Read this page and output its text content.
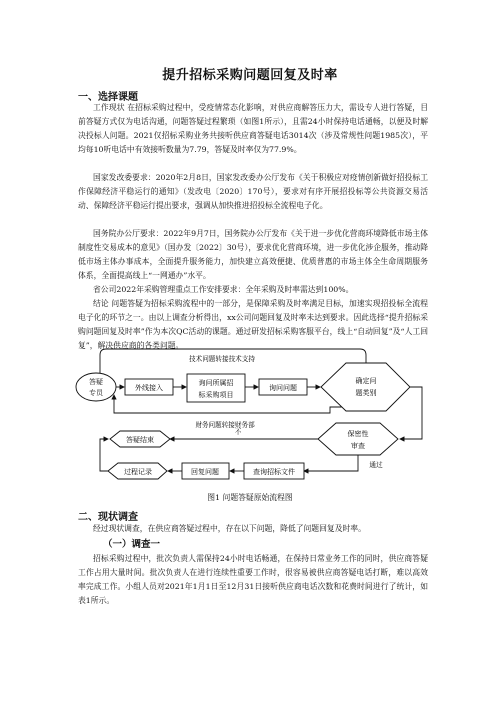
提升招标采购问题回复及时率
一、选择课题

工作现状 在招标采购过程中，受疫情常态化影响，对供应商解答压力大，需设专人进行答疑，目前答疑方式仅为电话沟通，问题答疑过程繁琐（如图1所示），且需24小时保持电话通畅，以便及时解决投标人问题。2021仅招标采购业务共接听供应商答疑电话3014次（涉及常规性问题1985次），平均每10听电话中有效接听数量为7.79，答疑及时率仅为77.9%。

国家发改委要求：2020年2月8日，国家发改委办公厅发布《关于积极应对疫情创新做好招投标工作保障经济平稳运行的通知》（发改电〔2020〕170号），要求对有序开展招投标等公共资源交易活动、保障经济平稳运行提出要求，强调从加快推进招投标全流程电子化。

国务院办公厅要求：2022年9月7日，国务院办公厅发布《关于进一步优化营商环境降低市场主体制度性交易成本的意见》（国办发〔2022〕30号），要求优化营商环境，进一步优化涉企服务，推动降低市场主体办事成本，全面提升服务能力，加快建立高效便捷、优质普惠的市场主体全生命周期服务体系，全面提高线上“一网通办”水平。

省公司2022年采购管理重点工作安排要求：全年采购及时率需达到100%。

结论 问题答疑为招标采购流程中的一部分，是保障采购及时率满足目标，加速实现招投标全流程电子化的环节之一。由以上调查分析得出，xx公司问题回复及时率未达到要求。因此选择“提升招标采购问题回复及时率”作为本次QC活动的课题。通过研发招标采购客服平台，线上“自动回复”及“人工回复”，解决供应商的各类问题。

技术问题转接技术支持
财务问题转接财务部
答疑
专员
外线接入
询问所属招
标采购项目
询问问题
确定问
题类别
保密性
审查
不
答疑结束
通过
查询招标文件
回复问题
过程记录
图1 问题答疑原始流程图
二、现状调查

经过现状调查，在供应商答疑过程中，存在以下问题，降低了问题回复及时率。

（一）调查一

招标采购过程中，批次负责人需保持24小时电话畅通，在保持日常业务工作的同时，供应商答疑工作占用大量时间。批次负责人在进行连续性重要工作时，很容易被供应商答疑电话打断，难以高效率完成工作。小组人员对2021年1月1日至12月31日接听供应商电话次数和花费时间进行了统计，如表1所示。
